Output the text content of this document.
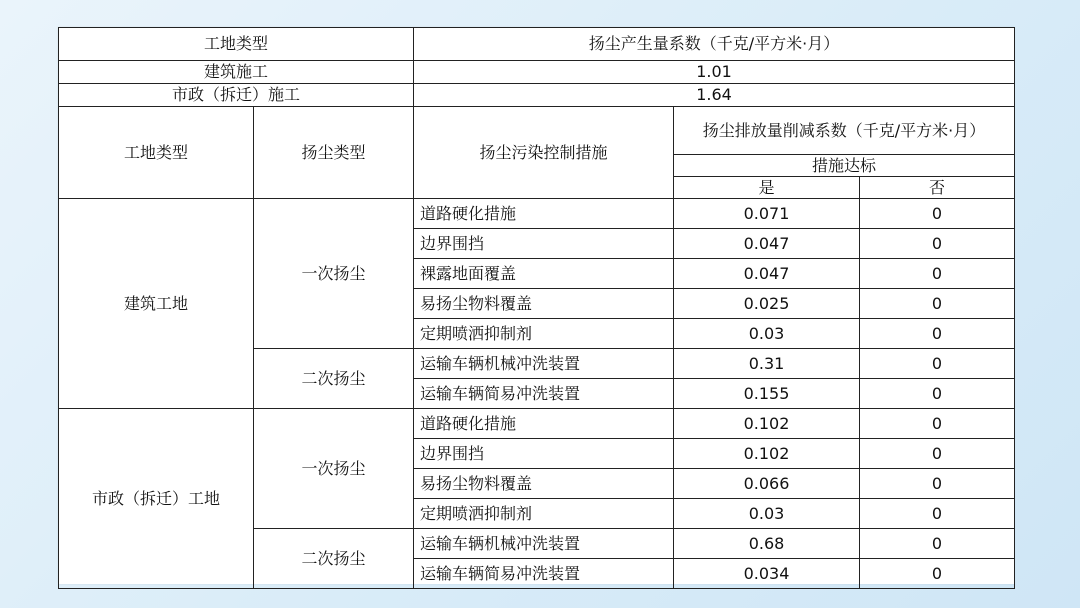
工地类型		扬尘产生量系数（千克/平方米·月）		
建筑施工		1.01		
市政（拆迁）施工		1.64		
工地类型	扬尘类型	扬尘污染控制措施	扬尘排放量削减系数（千克/平方米·月）	
			措施达标	
			是	否
建筑工地	一次扬尘	道路硬化措施	0.071	0
		边界围挡	0.047	0
		裸露地面覆盖	0.047	0
		易扬尘物料覆盖	0.025	0
		定期喷洒抑制剂	0.03	0
	二次扬尘	运输车辆机械冲洗装置	0.31	0
		运输车辆简易冲洗装置	0.155	0
市政（拆迁）工地	一次扬尘	道路硬化措施	0.102	0
		边界围挡	0.102	0
		易扬尘物料覆盖	0.066	0
		定期喷洒抑制剂	0.03	0
	二次扬尘	运输车辆机械冲洗装置	0.68	0
		运输车辆简易冲洗装置	0.034	0
